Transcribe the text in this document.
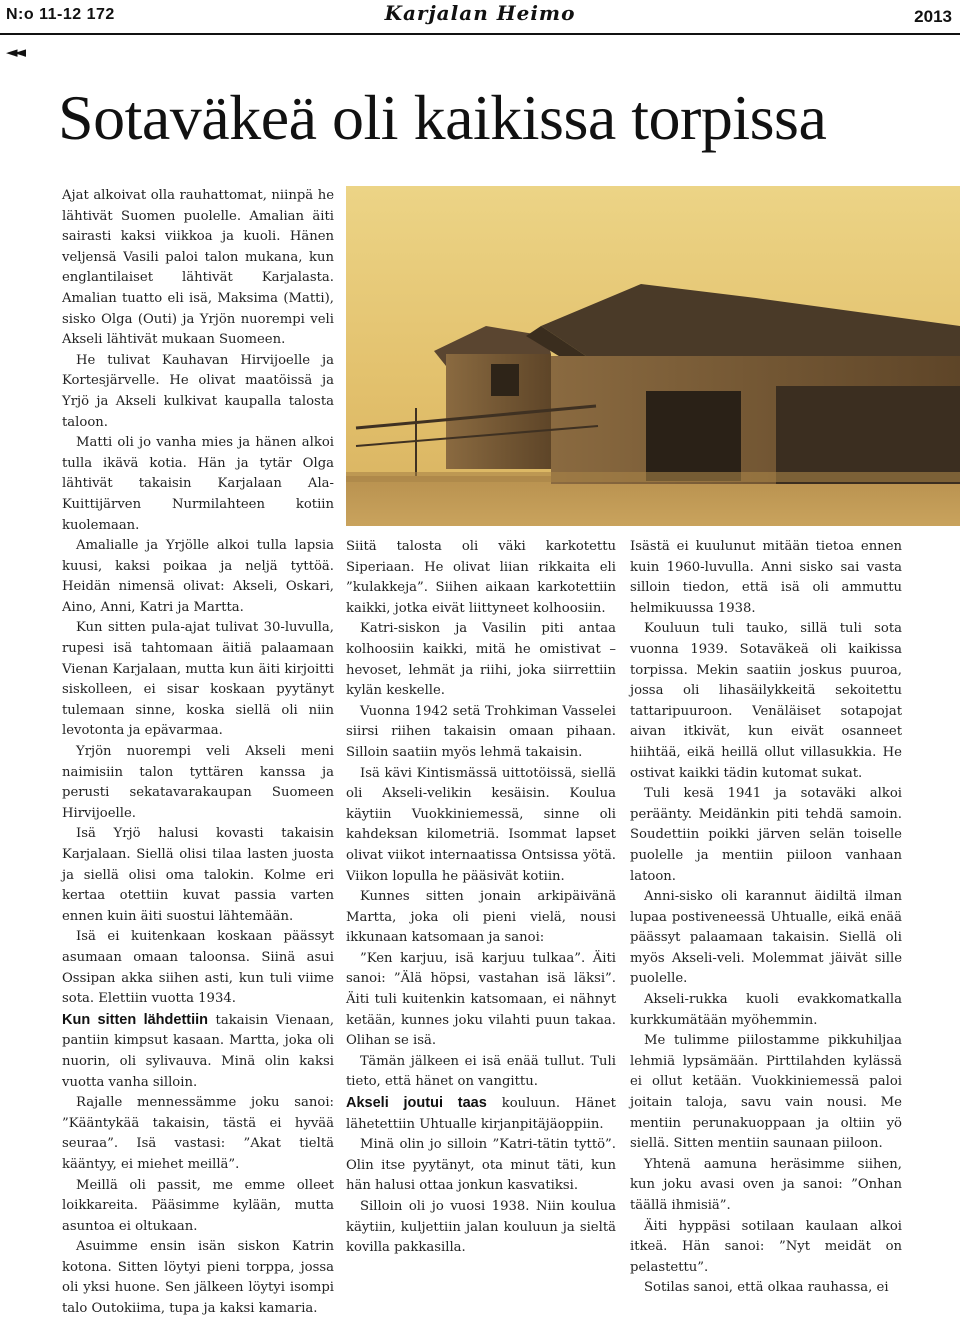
N:o 11-12 172	Karjalan Heimo	2013
◄◄
Sotaväkeä oli kaikissa torpissa

Ajat alkoivat olla rauhattomat, niinpä he lähtivät Suomen puolelle. Amalian äiti sairasti kaksi viikkoa ja kuoli. Hänen veljensä Vasili paloi talon mukana, kun englantilaiset lähtivät Karjalasta. Amalian tuatto eli isä, Maksima (Matti), sisko Olga (Outi) ja Yrjön nuorempi veli Akseli lähtivät mukaan Suomeen.

He tulivat Kauhavan Hirvijoelle ja Kortesjärvelle. He olivat maatöissä ja Yrjö ja Akseli kulkivat kaupalla talosta taloon.

Matti oli jo vanha mies ja hänen alkoi tulla ikävä kotia. Hän ja tytär Olga lähtivät takaisin Karjalaan Ala-Kuittijärven Nurmilahteen kotiin kuolemaan.

Amalialle ja Yrjölle alkoi tulla lapsia kuusi, kaksi poikaa ja neljä tyttöä. Heidän nimensä olivat: Akseli, Oskari, Aino, Anni, Katri ja Martta.

Kun sitten pula-ajat tulivat 30-luvulla, rupesi isä tahtomaan äitiä palaamaan Vienan Karjalaan, mutta kun äiti kirjoitti siskolleen, ei sisar koskaan pyytänyt tulemaan sinne, koska siellä oli niin levotonta ja epävarmaa.

Yrjön nuorempi veli Akseli meni naimisiin talon tyttären kanssa ja perusti sekatavarakaupan Suomeen Hirvijoelle.

Isä Yrjö halusi kovasti takaisin Karjalaan. Siellä olisi tilaa lasten juosta ja siellä olisi oma talokin. Kolme eri kertaa otettiin kuvat passia varten ennen kuin äiti suostui lähtemään.

Isä ei kuitenkaan koskaan päässyt asumaan omaan taloonsa. Siinä asui Ossipan akka siihen asti, kun tuli viime sota. Elettiin vuotta 1934.

Kun sitten lähdettiin takaisin Vienaan, pantiin kimpsut kasaan. Martta, joka oli nuorin, oli sylivauva. Minä olin kaksi vuotta vanha silloin.

Rajalle mennessämme joku sanoi: ”Kääntykää takaisin, tästä ei hyvää seuraa”. Isä vastasi: ”Akat tieltä kääntyy, ei miehet meillä”.

Meillä oli passit, me emme olleet loikkareita. Pääsimme kylään, mutta asuntoa ei oltukaan.

Asuimme ensin isän siskon Katrin kotona. Sitten löytyi pieni torppa, jossa oli yksi huone. Sen jälkeen löytyi isompi talo Outokiima, tupa ja kaksi kamaria.

Siitä talosta oli väki karkotettu Siperiaan. He olivat liian rikkaita eli ”kulakkeja”. Siihen aikaan karkotettiin kaikki, jotka eivät liittyneet kolhoosiin.

Katri-siskon ja Vasilin piti antaa kolhoosiin kaikki, mitä he omistivat – hevoset, lehmät ja riihi, joka siirrettiin kylän keskelle.

Vuonna 1942 setä Trohkiman Vasselei siirsi riihen takaisin omaan pihaan. Silloin saatiin myös lehmä takaisin.

Isä kävi Kintismässä uittotöissä, siellä oli Akseli-velikin kesäisin. Koulua käytiin Vuokkiniemessä, sinne oli kahdeksan kilometriä. Isommat lapset olivat viikot internaatissa Ontsissa yötä. Viikon lopulla he pääsivät kotiin.

Kunnes sitten jonain arkipäivänä Martta, joka oli pieni vielä, nousi ikkunaan katsomaan ja sanoi:

”Ken karjuu, isä karjuu tulkaa”. Äiti sanoi: ”Älä höpsi, vastahan isä läksi”. Äiti tuli kuitenkin katsomaan, ei nähnyt ketään, kunnes joku vilahti puun takaa. Olihan se isä.

Tämän jälkeen ei isä enää tullut. Tuli tieto, että hänet on vangittu.

Akseli joutui taas kouluun. Hänet lähetettiin Uhtualle kirjanpitäjäoppiin.

Minä olin jo silloin ”Katri-tätin tyttö”. Olin itse pyytänyt, ota minut täti, kun hän halusi ottaa jonkun kasvatiksi.

Silloin oli jo vuosi 1938. Niin koulua käytiin, kuljettiin jalan kouluun ja sieltä kovilla pakkasilla.

Isästä ei kuulunut mitään tietoa ennen kuin 1960-luvulla. Anni sisko sai vasta silloin tiedon, että isä oli ammuttu helmikuussa 1938.

Kouluun tuli tauko, sillä tuli sota vuonna 1939. Sotaväkeä oli kaikissa torpissa. Mekin saatiin joskus puuroa, jossa oli lihasäilykkeitä sekoitettu tattaripuuroon. Venäläiset sotapojat aivan itkivät, kun eivät osanneet hiihtää, eikä heillä ollut villasukkia. He ostivat kaikki tädin kutomat sukat.

Tuli kesä 1941 ja sotaväki alkoi peräänty. Meidänkin piti tehdä samoin. Soudettiin poikki järven selän toiselle puolelle ja mentiin piiloon vanhaan latoon.

Anni-sisko oli karannut äidiltä ilman lupaa postiveneessä Uhtualle, eikä enää päässyt palaamaan takaisin. Siellä oli myös Akseli-veli. Molemmat jäivät sille puolelle.

Akseli-rukka kuoli evakkomatkalla kurkkumätään myöhemmin.

Me tulimme piilostamme pikkuhiljaa lehmiä lypsämään. Pirttilahden kylässä ei ollut ketään. Vuokkiniemessä paloi joitain taloja, savu vain nousi. Me mentiin perunakuoppaan ja oltiin yö siellä. Sitten mentiin saunaan piiloon.

Yhtenä aamuna heräsimme siihen, kun joku avasi oven ja sanoi: ”Onhan täällä ihmisiä”.

Äiti hyppäsi sotilaan kaulaan alkoi itkeä. Hän sanoi: ”Nyt meidät on pelastettu”.

Sotilas sanoi, että olkaa rauhassa, ei
